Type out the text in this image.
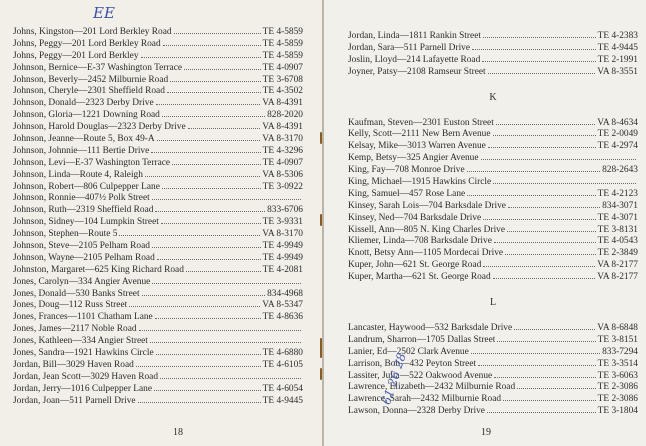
EE
Johns, Kingston—201 Lord Berkley Road	TE 4-5859
Johns, Peggy—201 Lord Berkley Road	TE 4-5859
Johns, Peggy—201 Lord Berkley	TE 4-5859
Johnson, Bernice—E-37 Washington Terrace	TE 4-0907
Johnson, Beverly—2452 Milburnie Road	TE 3-6708
Johnson, Cheryle—2301 Sheffield Road	TE 4-3502
Johnson, Donald—2323 Derby Drive	VA 8-4391
Johnson, Gloria—1221 Downing Road	828-2020
Johnson, Harold Douglas—2323 Derby Drive	VA 8-4391
Johnson, Jeanne—Route 5, Box 49-A	VA 8-3170
Johnson, Johnnie—111 Bertie Drive	TE 4-3296
Johnson, Levi—E-37 Washington Terrace	TE 4-0907
Johnson, Linda—Route 4, Raleigh	VA 8-5306
Johnson, Robert—806 Culpepper Lane	TE 3-0922
Johnson, Ronnie—407½ Polk Street
Johnson, Ruth—2319 Sheffield Road	833-6706
Johnson, Sidney—104 Lumpkin Street	TE 3-9331
Johnson, Stephen—Route 5	VA 8-3170
Johnson, Steve—2105 Pelham Road	TE 4-9949
Johnson, Wayne—2105 Pelham Road	TE 4-9949
Johnston, Margaret—625 King Richard Road	TE 4-2081
Jones, Carolyn—334 Angier Avenue
Jones, Donald—530 Banks Street	834-4968
Jones, Doug—112 Russ Street	VA 8-5347
Jones, Frances—1101 Chatham Lane	TE 4-8636
Jones, James—2117 Noble Road
Jones, Kathleen—334 Angier Street
Jones, Sandra—1921 Hawkins Circle	TE 4-6880
Jordan, Bill—3029 Haven Road	TE 4-6105
Jordan, Jean Scott—3029 Haven Road
Jordan, Jerry—1016 Culpepper Lane	TE 4-6054
Jordan, Joan—511 Parnell Drive	TE 4-9445
18
Jordan, Linda—1811 Rankin Street	TE 4-2383
Jordan, Sara—511 Parnell Drive	TE 4-9445
Joslin, Lloyd—214 Lafayette Road	TE 2-1991
Joyner, Patsy—2108 Ramseur Street	VA 8-3551
K
Kaufman, Steven—2301 Euston Street	VA 8-4634
Kelly, Scott—2111 New Bern Avenue	TE 2-0049
Kelsay, Mike—3013 Warren Avenue	TE 4-2974
Kemp, Betsy—325 Angier Avenue
King, Fay—708 Monroe Drive	828-2643
King, Michael—1915 Hawkins Circle
King, Samuel—457 Rose Lane	TE 4-2123
Kinsey, Sarah Lois—704 Barksdale Drive	834-3071
Kinsey, Ned—704 Barksdale Drive	TE 4-3071
Kissell, Ann—805 N. King Charles Drive	TE 3-8131
Kliemer, Linda—708 Barksdale Drive	TE 4-0543
Knott, Betsy Ann—1105 Mordecai Drive	TE 2-3849
Kuper, John—621 St. George Road	VA 8-2177
Kuper, Martha—621 St. George Road	VA 8-2177
L
Lancaster, Haywood—532 Barksdale Drive	VA 8-6848
Landrum, Sharron—1705 Dallas Street	TE 3-8151
Lanier, Ed—2502 Clark Avenue	833-7294
Larrison, Bob—432 Peyton Street	TE 3-3514
Lassiter, Julia—522 Oakwood Avenue	TE 3-6063
Lawrence, Elizabeth—2432 Milburnie Road	TE 2-3086
Lawrence, Sarah—2432 Milburnie Road	TE 2-3086
Lawson, Donna—2328 Derby Drive	TE 3-1804
61 26 28
19
